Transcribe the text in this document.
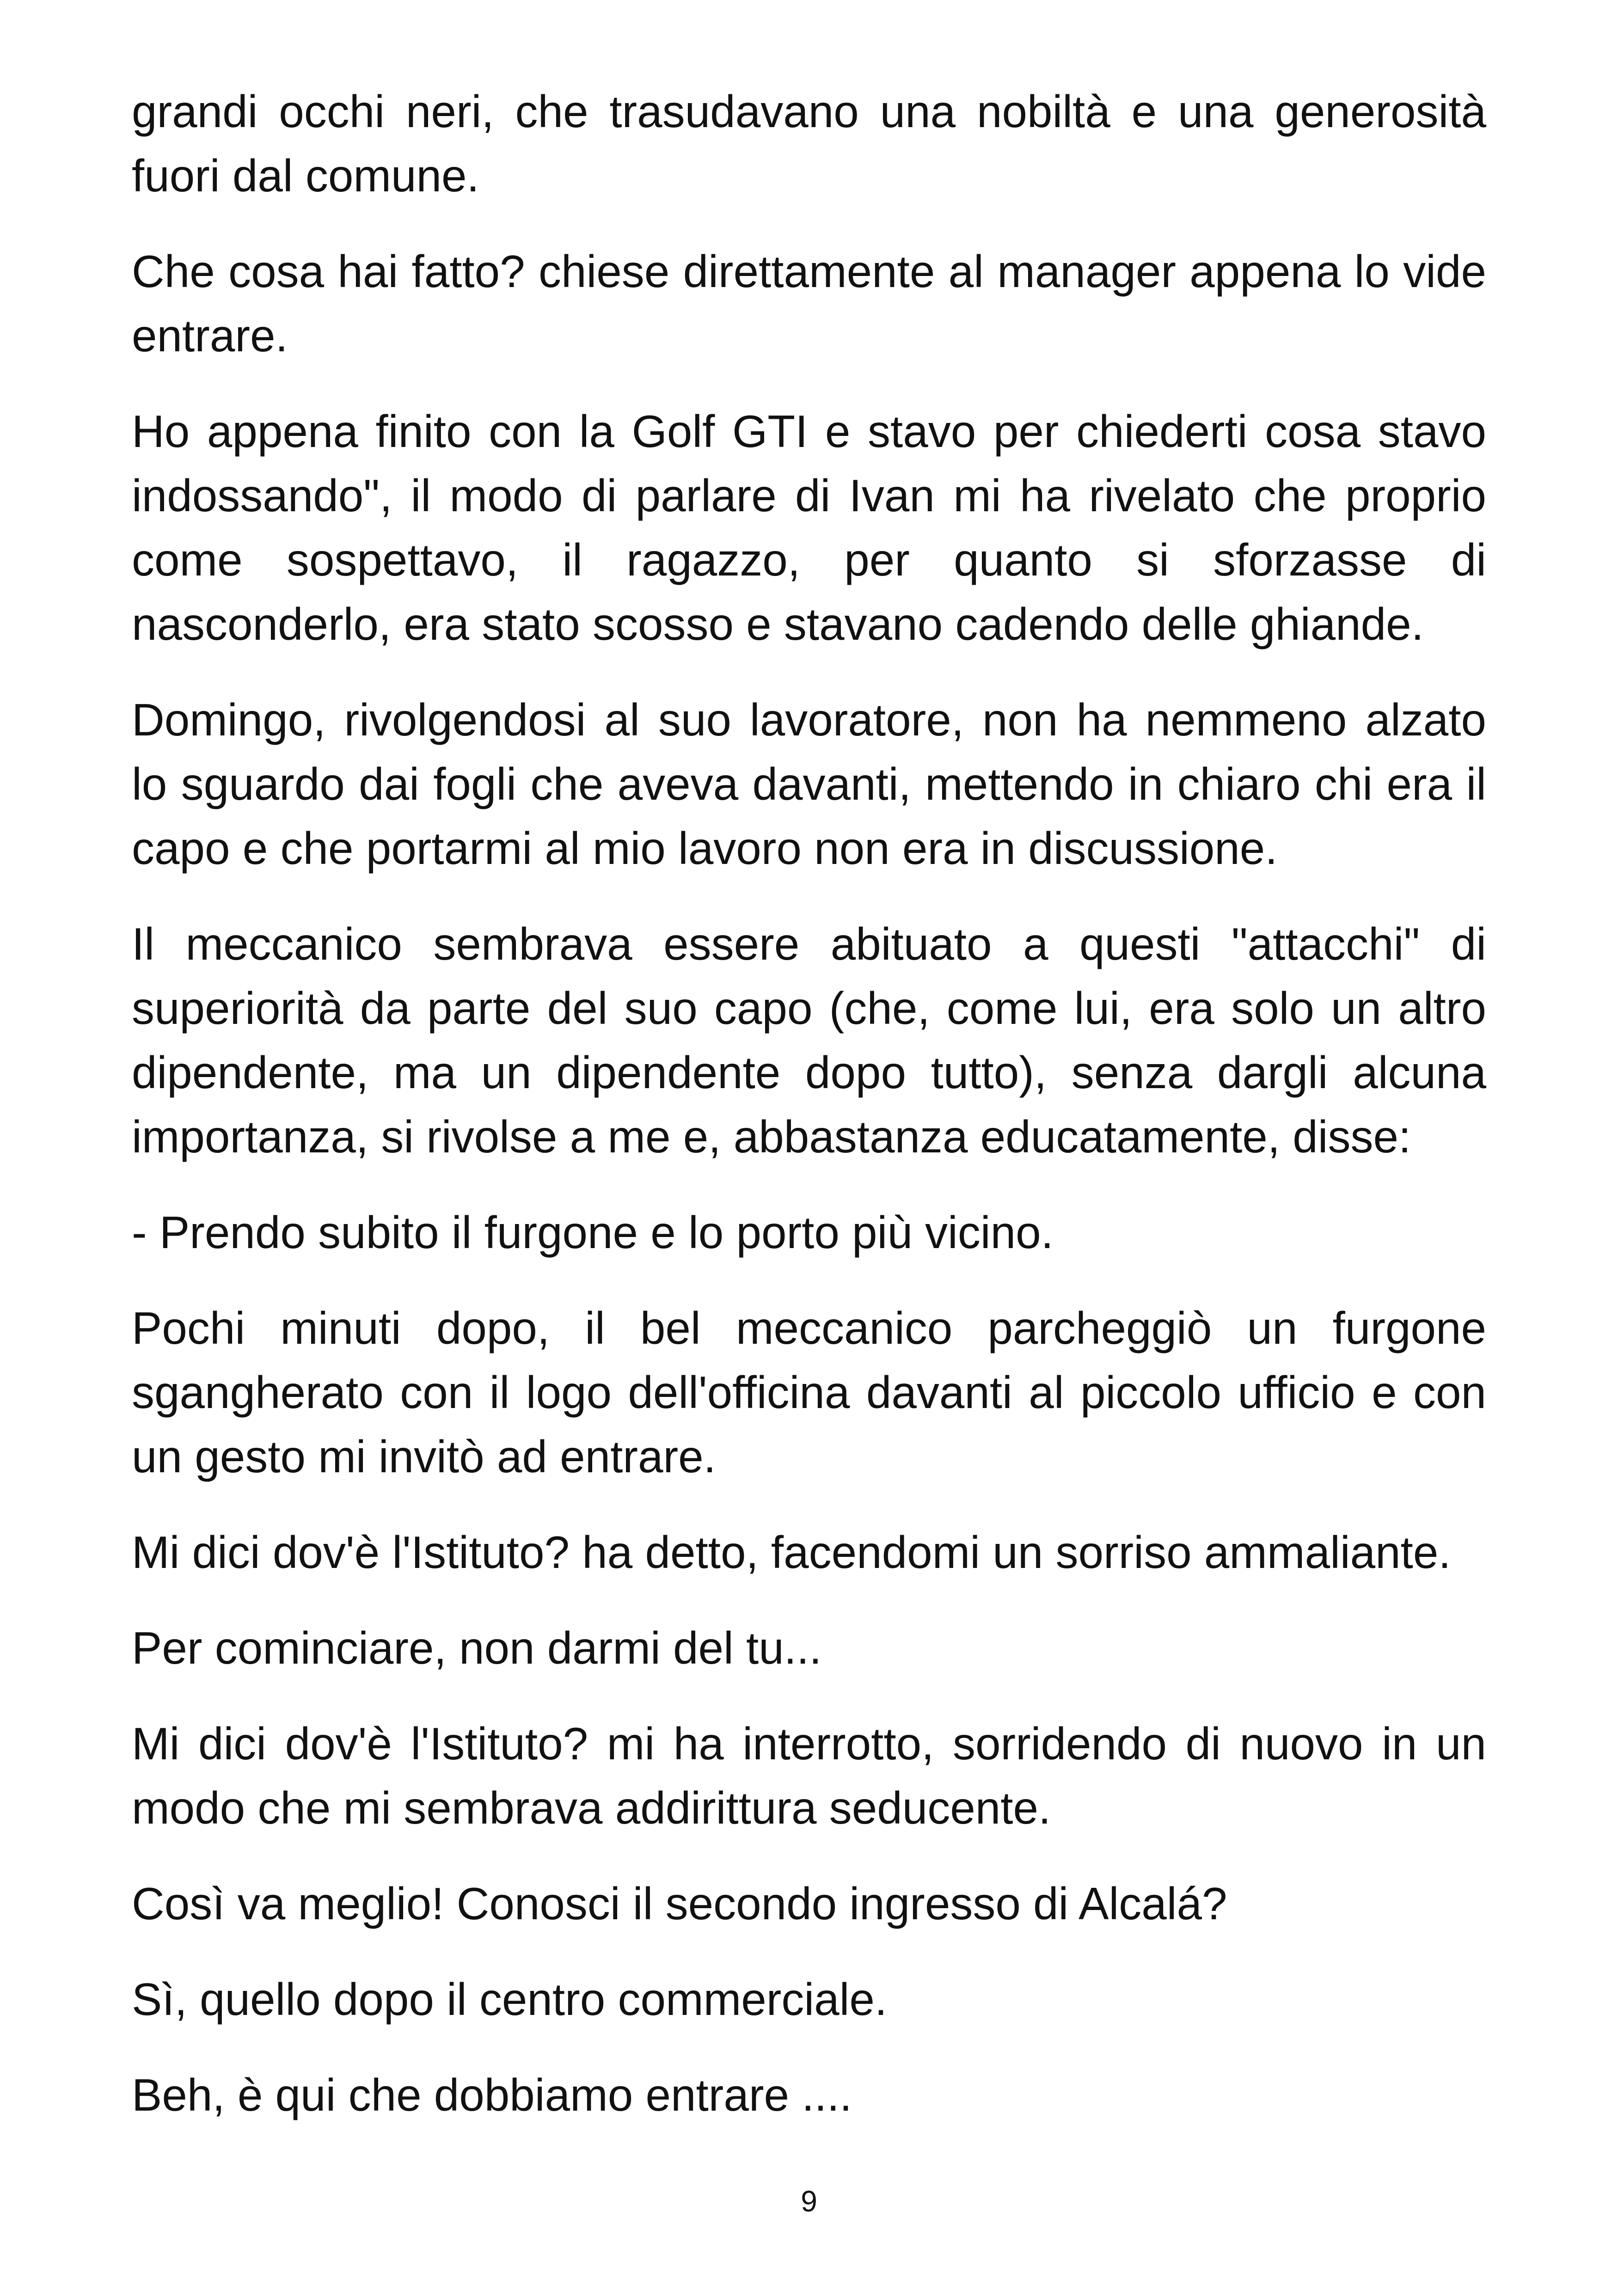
grandi occhi neri, che trasudavano una nobiltà e una generosità fuori dal comune.

Che cosa hai fatto? chiese direttamente al manager appena lo vide entrare.

Ho appena finito con la Golf GTI e stavo per chiederti cosa stavo indossando", il modo di parlare di Ivan mi ha rivelato che proprio come sospettavo, il ragazzo, per quanto si sforzasse di nasconderlo, era stato scosso e stavano cadendo delle ghiande.

Domingo, rivolgendosi al suo lavoratore, non ha nemmeno alzato lo sguardo dai fogli che aveva davanti, mettendo in chiaro chi era il capo e che portarmi al mio lavoro non era in discussione.

Il meccanico sembrava essere abituato a questi "attacchi" di superiorità da parte del suo capo (che, come lui, era solo un altro dipendente, ma un dipendente dopo tutto), senza dargli alcuna importanza, si rivolse a me e, abbastanza educatamente, disse:

- Prendo subito il furgone e lo porto più vicino.

Pochi minuti dopo, il bel meccanico parcheggiò un furgone sgangherato con il logo dell'officina davanti al piccolo ufficio e con un gesto mi invitò ad entrare.

Mi dici dov'è l'Istituto? ha detto, facendomi un sorriso ammaliante.

Per cominciare, non darmi del tu...

Mi dici dov'è l'Istituto? mi ha interrotto, sorridendo di nuovo in un modo che mi sembrava addirittura seducente.

Così va meglio! Conosci il secondo ingresso di Alcalá?

Sì, quello dopo il centro commerciale.

Beh, è qui che dobbiamo entrare ....

9
